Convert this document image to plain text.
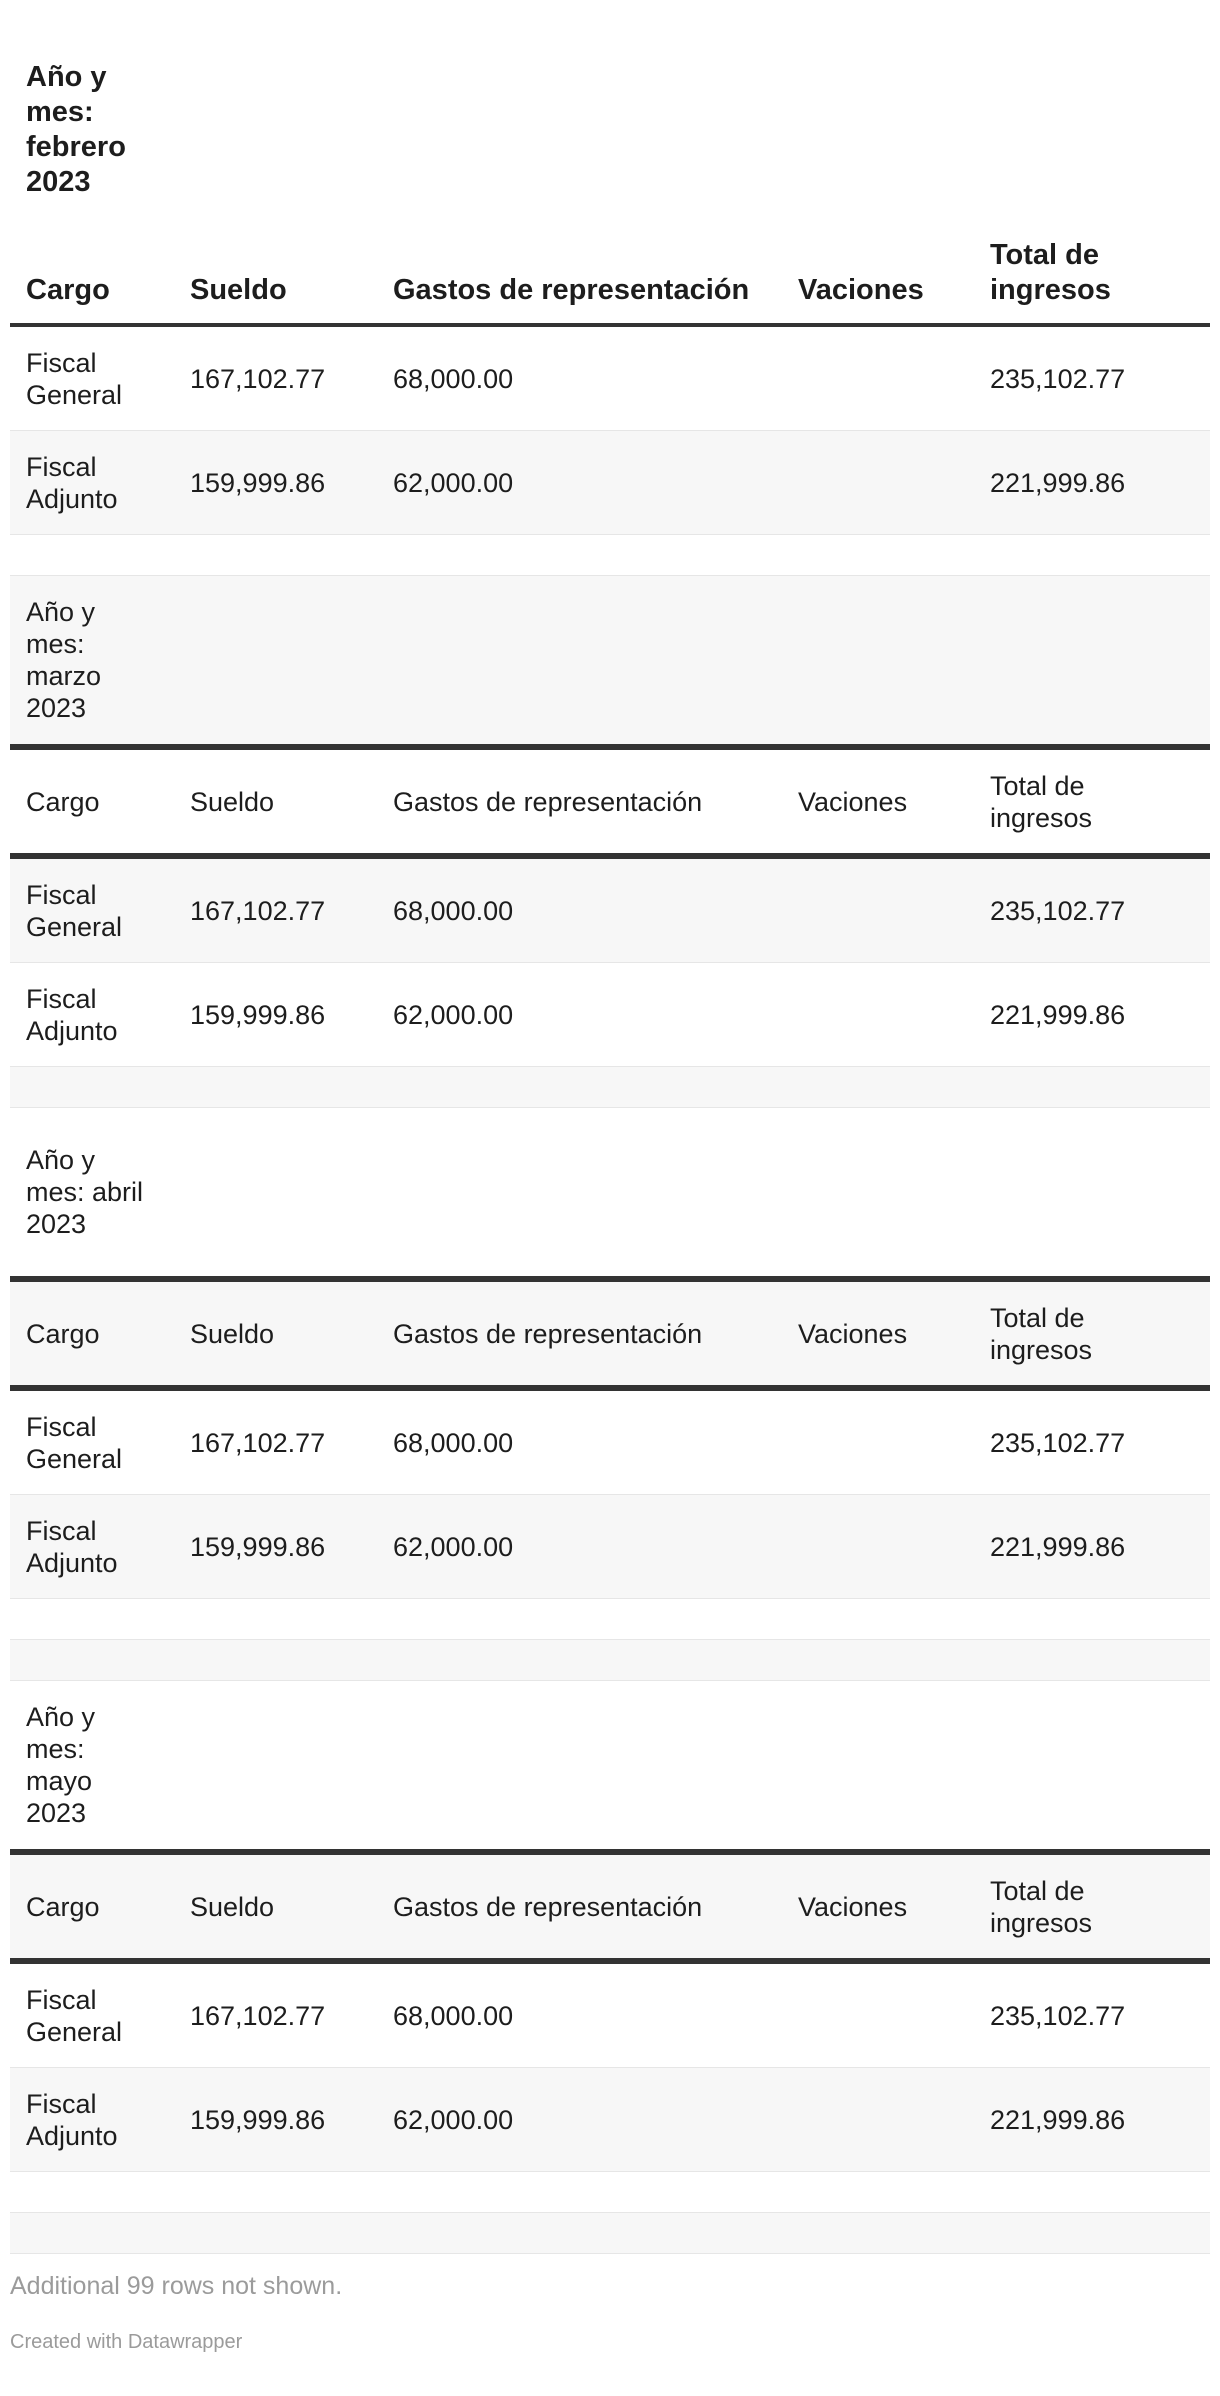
Año y mes: febrero 2023				
Cargo	Sueldo	Gastos de representación	Vaciones	Total de ingresos
Fiscal General	167,102.77	68,000.00		235,102.77
Fiscal Adjunto	159,999.86	62,000.00		221,999.86

Año y mes: marzo 2023				
Cargo	Sueldo	Gastos de representación	Vaciones	Total de ingresos
Fiscal General	167,102.77	68,000.00		235,102.77
Fiscal Adjunto	159,999.86	62,000.00		221,999.86

Año y mes: abril 2023				
Cargo	Sueldo	Gastos de representación	Vaciones	Total de ingresos
Fiscal General	167,102.77	68,000.00		235,102.77
Fiscal Adjunto	159,999.86	62,000.00		221,999.86

Año y mes: mayo 2023				
Cargo	Sueldo	Gastos de representación	Vaciones	Total de ingresos
Fiscal General	167,102.77	68,000.00		235,102.77
Fiscal Adjunto	159,999.86	62,000.00		221,999.86

Additional 99 rows not shown.
Created with Datawrapper
